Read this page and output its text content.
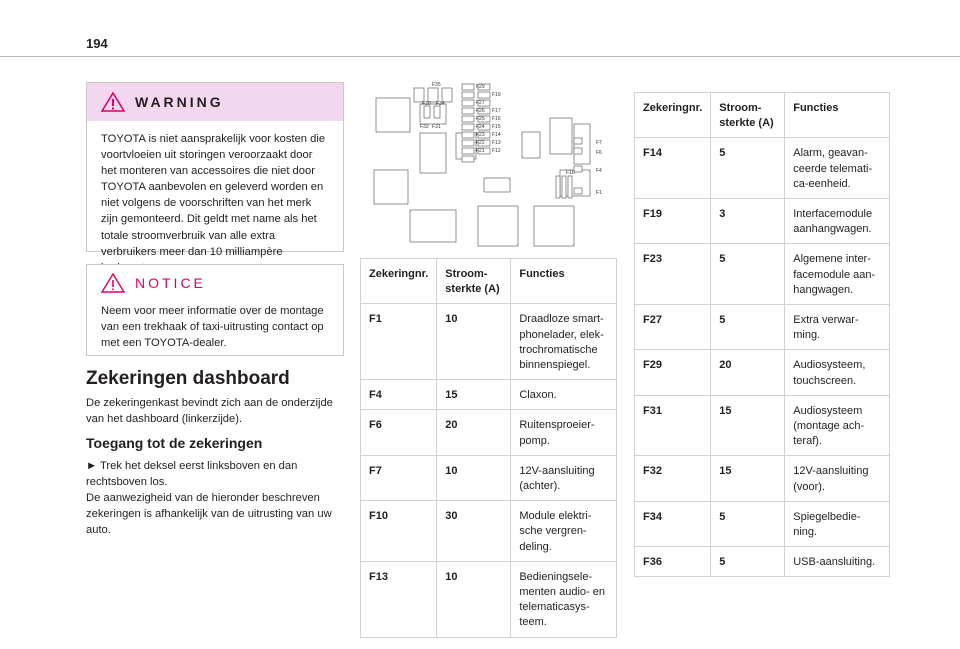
194
WARNING
TOYOTA is niet aansprakelijk voor kosten die voortvloeien uit storingen veroorzaakt door het monteren van accessoires die niet door TOYOTA aanbevolen en geleverd worden en niet volgens de voorschriften van het merk zijn gemonteerd. Dit geldt met name als het totale stroomverbruik van alle extra verbruikers meer dan 10 milliampère
NOTICE
Neem voor meer informatie over de montage van een trekhaak of taxi-uitrusting contact op met een TOYOTA-dealer.
Zekeringen dashboard
De zekeringenkast bevindt zich aan de onderzijde van het dashboard (linkerzijde).
Toegang tot de zekeringen
► Trek het deksel eerst linksboven en dan rechtsboven los.
De aanwezigheid van de hieronder beschreven zekeringen is afhankelijk van de uitrusting van uw auto.
F35	F29
F19
F30 F34	F27
F17
F26
F16
F25
F32 F31	F24 F15
F23 F14
F22 F13
F21 F12
F7
F6
F10	F4
F1
Zekeringnr.	Stroom-
sterkte (A)	Functies
F1	10	Draadloze smart-
phonelader, elek-
trochromatische
binnenspiegel.

F4	15	Claxon.

F6	20	Ruitensproeier-
pomp.

F7	10	12V-aansluiting
(achter).

F10	30	Module elektri-
sche vergren-
deling.

F13	10	Bedieningsele-
menten audio- en
telematicasys-
teem.
Zekeringnr.	Stroom-
sterkte (A)	Functies
F14	5	Alarm, geavan-
ceerde telemati-
ca-eenheid.

F19	3	Interfacemodule
aanhangwagen.

F23	5	Algemene inter-
facemodule aan-
hangwagen.

F27	5	Extra verwar-
ming.

F29	20	Audiosysteem,
touchscreen.

F31	15	Audiosysteem
(montage ach-
teraf).

F32	15	12V-aansluiting
(voor).

F34	5	Spiegelbedie-
ning.

F36	5	USB-aansluiting.
